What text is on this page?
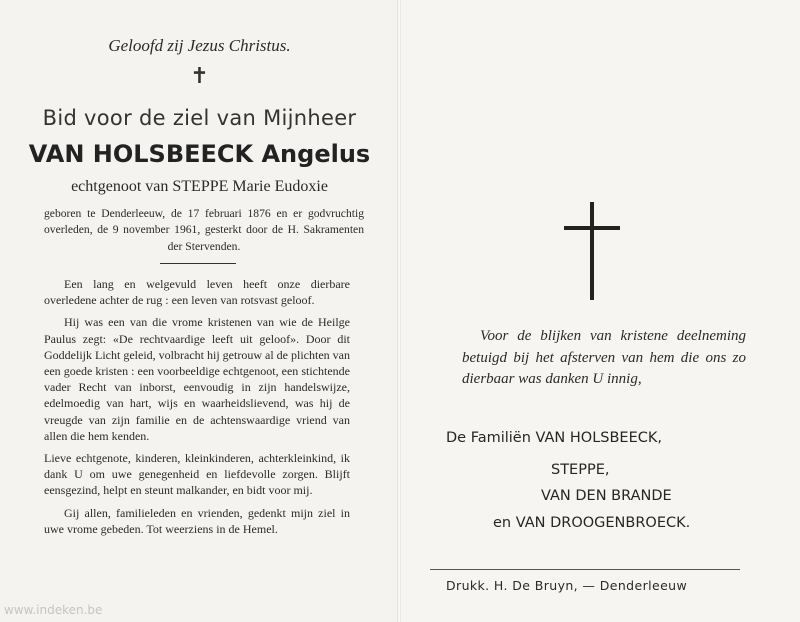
Geloofd zij Jezus Christus.
✝
Bid voor de ziel van Mijnheer
VAN HOLSBEECK Angelus
echtgenoot van STEPPE Marie Eudoxie
geboren te Denderleeuw, de 17 februari 1876 en er godvruchtig overleden, de 9 november 1961, gesterkt door de H. Sakramenten der Stervenden.

Een lang en welgevuld leven heeft onze dierbare overledene achter de rug : een leven van rotsvast geloof.

Hij was een van die vrome kristenen van wie de Heilge Paulus zegt: «De rechtvaardige leeft uit geloof». Door dit Goddelijk Licht geleid, volbracht hij getrouw al de plichten van een goede kristen : een voorbeeldige echtgenoot, een stichtende vader Recht van inborst, eenvoudig in zijn handelswijze, edelmoedig van hart, wijs en waarheidslievend, was hij de vreugde van zijn familie en de achtenswaardige vriend van allen die hem kenden.

Lieve echtgenote, kinderen, kleinkinderen, achterkleinkind, ik dank U om uwe genegenheid en liefdevolle zorgen. Blijft eensgezind, helpt en steunt malkander, en bidt voor mij.

Gij allen, familieleden en vrienden, gedenkt mijn ziel in uwe vrome gebeden. Tot weerziens in de Hemel.

Voor de blijken van kristene deelneming betuigd bij het afsterven van hem die ons zo dierbaar was danken U innig,
De Familiën VAN HOLSBEECK,
STEPPE,
VAN DEN BRANDE
en VAN DROOGENBROECK.
Drukk. H. De Bruyn, — Denderleeuw
www.indeken.be
